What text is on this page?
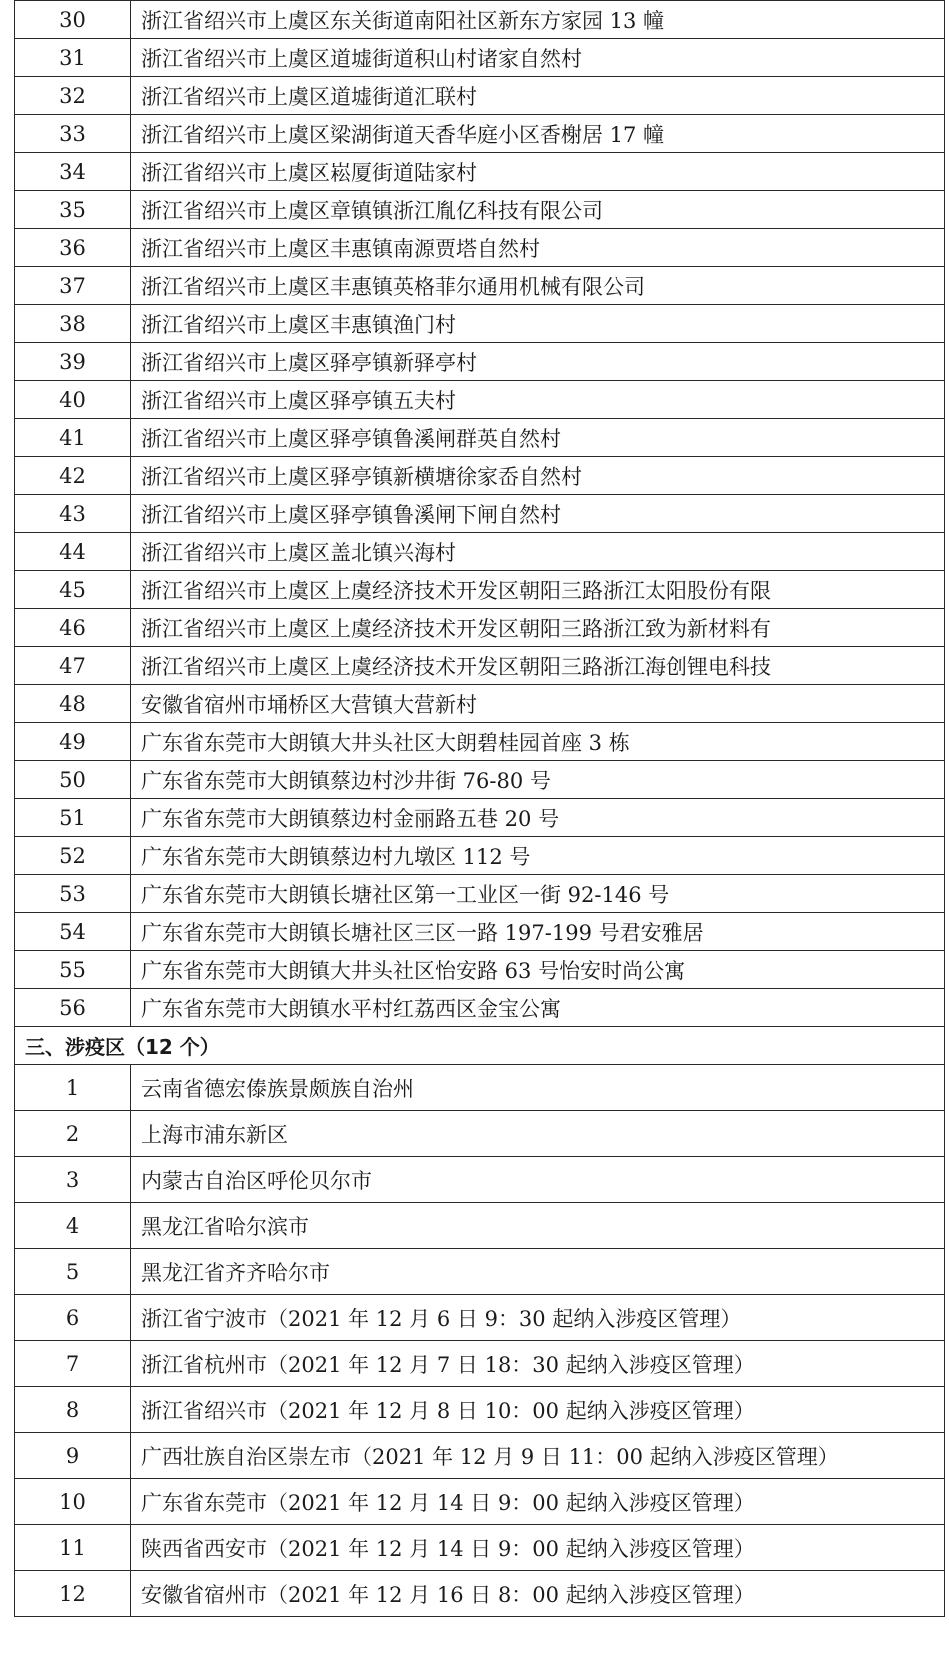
30	浙江省绍兴市上虞区东关街道南阳社区新东方家园 13 幢
31	浙江省绍兴市上虞区道墟街道积山村诸家自然村
32	浙江省绍兴市上虞区道墟街道汇联村
33	浙江省绍兴市上虞区梁湖街道天香华庭小区香榭居 17 幢
34	浙江省绍兴市上虞区崧厦街道陆家村
35	浙江省绍兴市上虞区章镇镇浙江胤亿科技有限公司
36	浙江省绍兴市上虞区丰惠镇南源贾塔自然村
37	浙江省绍兴市上虞区丰惠镇英格菲尔通用机械有限公司
38	浙江省绍兴市上虞区丰惠镇渔门村
39	浙江省绍兴市上虞区驿亭镇新驿亭村
40	浙江省绍兴市上虞区驿亭镇五夫村
41	浙江省绍兴市上虞区驿亭镇鲁溪闸群英自然村
42	浙江省绍兴市上虞区驿亭镇新横塘徐家岙自然村
43	浙江省绍兴市上虞区驿亭镇鲁溪闸下闸自然村
44	浙江省绍兴市上虞区盖北镇兴海村
45	浙江省绍兴市上虞区上虞经济技术开发区朝阳三路浙江太阳股份有限
46	浙江省绍兴市上虞区上虞经济技术开发区朝阳三路浙江致为新材料有
47	浙江省绍兴市上虞区上虞经济技术开发区朝阳三路浙江海创锂电科技
48	安徽省宿州市埇桥区大营镇大营新村
49	广东省东莞市大朗镇大井头社区大朗碧桂园首座 3 栋
50	广东省东莞市大朗镇蔡边村沙井街 76-80 号
51	广东省东莞市大朗镇蔡边村金丽路五巷 20 号
52	广东省东莞市大朗镇蔡边村九墩区 112 号
53	广东省东莞市大朗镇长塘社区第一工业区一街 92-146 号
54	广东省东莞市大朗镇长塘社区三区一路 197-199 号君安雅居
55	广东省东莞市大朗镇大井头社区怡安路 63 号怡安时尚公寓
56	广东省东莞市大朗镇水平村红荔西区金宝公寓
三、涉疫区（12 个）	
1	云南省德宏傣族景颇族自治州
2	上海市浦东新区
3	内蒙古自治区呼伦贝尔市
4	黑龙江省哈尔滨市
5	黑龙江省齐齐哈尔市
6	浙江省宁波市（2021 年 12 月 6 日 9：30 起纳入涉疫区管理）
7	浙江省杭州市（2021 年 12 月 7 日 18：30 起纳入涉疫区管理）
8	浙江省绍兴市（2021 年 12 月 8 日 10：00 起纳入涉疫区管理）
9	广西壮族自治区崇左市（2021 年 12 月 9 日 11：00 起纳入涉疫区管理）
10	广东省东莞市（2021 年 12 月 14 日 9：00 起纳入涉疫区管理）
11	陕西省西安市（2021 年 12 月 14 日 9：00 起纳入涉疫区管理）
12	安徽省宿州市（2021 年 12 月 16 日 8：00 起纳入涉疫区管理）
